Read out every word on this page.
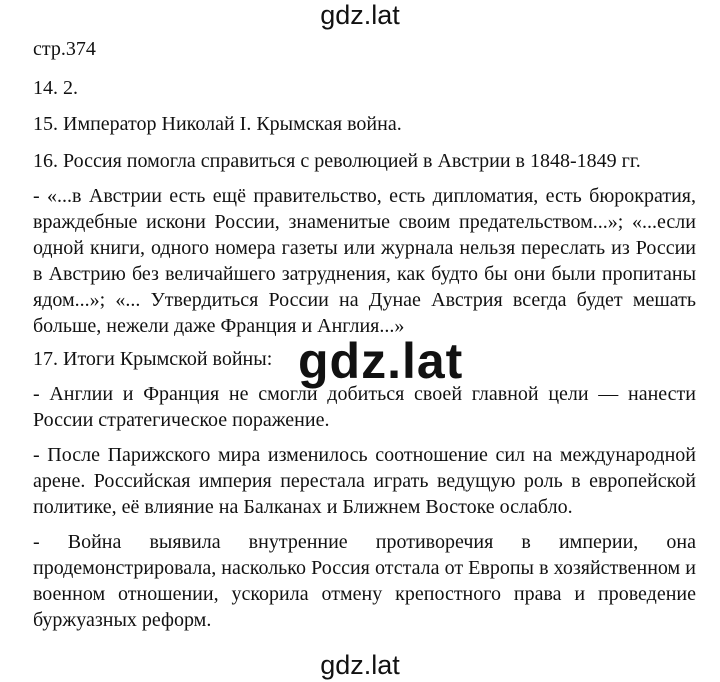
gdz.lat
стр.374
14. 2.
15. Император Николай I. Крымская война.
16. Россия помогла справиться с революцией в Австрии в 1848-1849 гг.
- «...в Австрии есть ещё правительство, есть дипломатия, есть бюрократия, враждебные искони России, знаменитые своим предательством...»; «...если одной книги, одного номера газеты или журнала нельзя переслать из России в Австрию без величайшего затруднения, как будто бы они были пропитаны ядом...»; «... Утвердиться России на Дунае Австрия всегда будет мешать больше, нежели даже Франция и Англия...»
17. Итоги Крымской войны:
- Англии и Франция не смогли добиться своей главной цели — нанести России стратегическое поражение.
- После Парижского мира изменилось соотношение сил на международной арене. Российская империя перестала играть ведущую роль в европейской политике, её влияние на Балканах и Ближнем Востоке ослабло.
- Война выявила внутренние противоречия в империи, она продемонстрировала, насколько Россия отстала от Европы в хозяйственном и военном отношении, ускорила отмену крепостного права и проведение буржуазных реформ.
gdz.lat
gdz.lat
